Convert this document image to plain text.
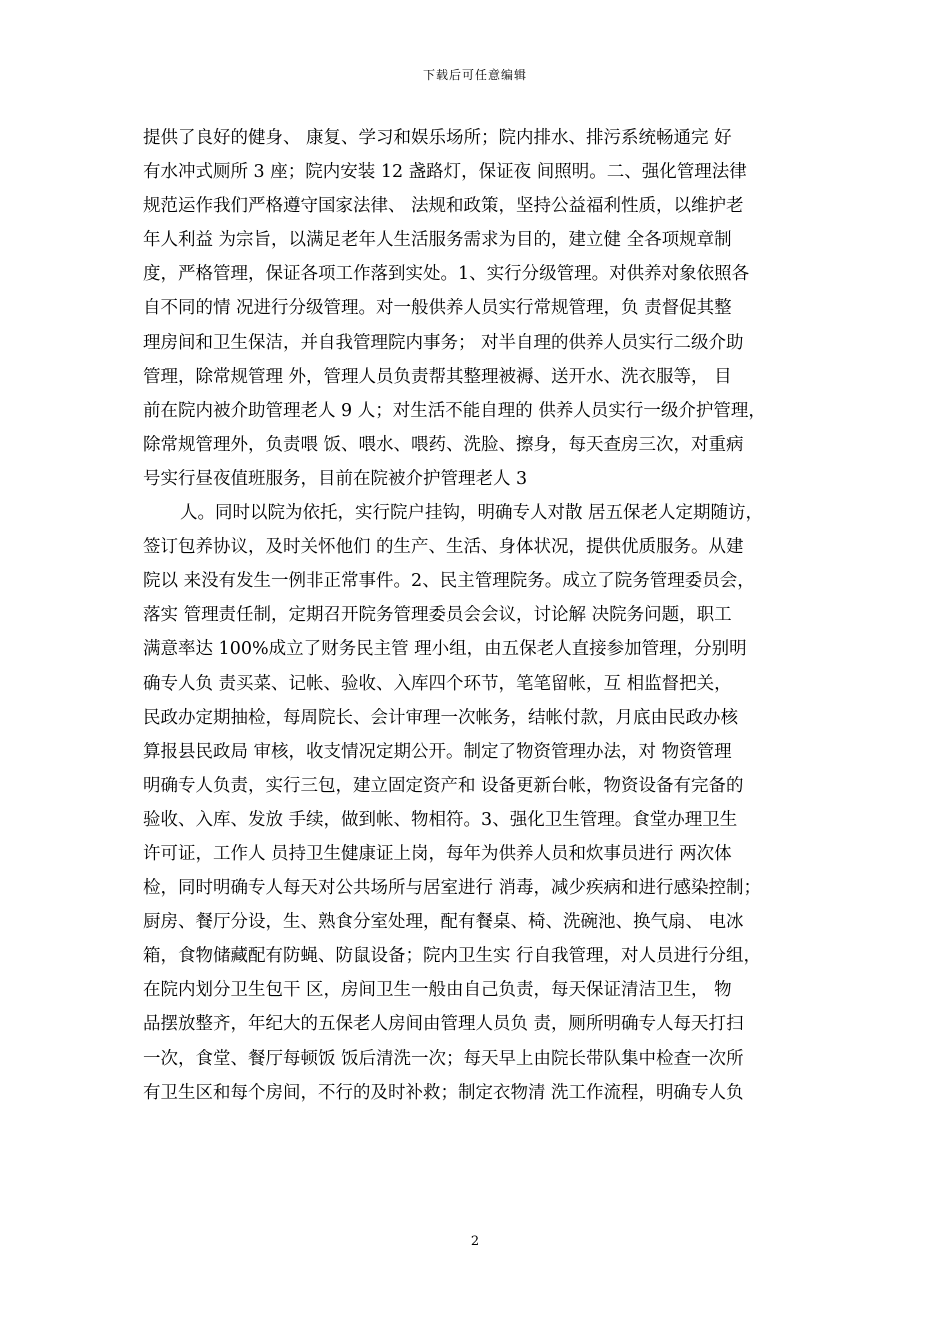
下载后可任意编辑
提供了良好的健身、 康复、学习和娱乐场所；院内排水、排污系统畅通完 好
有水冲式厕所 3 座；院内安装 12 盏路灯，保证夜 间照明。二、强化管理法律
规范运作我们严格遵守国家法律、 法规和政策，坚持公益福利性质，以维护老
年人利益 为宗旨，以满足老年人生活服务需求为目的，建立健 全各项规章制
度，严格管理，保证各项工作落到实处。1、实行分级管理。对供养对象依照各
自不同的情 况进行分级管理。对一般供养人员实行常规管理，负 责督促其整
理房间和卫生保洁，并自我管理院内事务； 对半自理的供养人员实行二级介助
管理，除常规管理 外，管理人员负责帮其整理被褥、送开水、洗衣服等， 目
前在院内被介助管理老人 9 人；对生活不能自理的 供养人员实行一级介护管理，
除常规管理外，负责喂 饭、喂水、喂药、洗脸、擦身，每天查房三次，对重病
号实行昼夜值班服务，目前在院被介护管理老人 3
人。同时以院为依托，实行院户挂钩，明确专人对散 居五保老人定期随访，
签订包养协议，及时关怀他们 的生产、生活、身体状况，提供优质服务。从建
院以 来没有发生一例非正常事件。2、民主管理院务。成立了院务管理委员会，
落实 管理责任制，定期召开院务管理委员会会议，讨论解 决院务问题，职工
满意率达 100%成立了财务民主管 理小组，由五保老人直接参加管理，分别明
确专人负 责买菜、记帐、验收、入库四个环节，笔笔留帐，互 相监督把关，
民政办定期抽检，每周院长、会计审理一次帐务，结帐付款，月底由民政办核
算报县民政局 审核，收支情况定期公开。制定了物资管理办法，对 物资管理
明确专人负责，实行三包，建立固定资产和 设备更新台帐，物资设备有完备的
验收、入库、发放 手续，做到帐、物相符。3、强化卫生管理。食堂办理卫生
许可证，工作人 员持卫生健康证上岗，每年为供养人员和炊事员进行 两次体
检，同时明确专人每天对公共场所与居室进行 消毒，减少疾病和进行感染控制；
厨房、餐厅分设，生、熟食分室处理，配有餐桌、椅、洗碗池、换气扇、 电冰
箱，食物储藏配有防蝇、防鼠设备；院内卫生实 行自我管理，对人员进行分组，
在院内划分卫生包干 区，房间卫生一般由自己负责，每天保证清洁卫生， 物
品摆放整齐，年纪大的五保老人房间由管理人员负 责，厕所明确专人每天打扫
一次，食堂、餐厅每顿饭 饭后清洗一次；每天早上由院长带队集中检查一次所
有卫生区和每个房间，不行的及时补救；制定衣物清 洗工作流程，明确专人负
2
